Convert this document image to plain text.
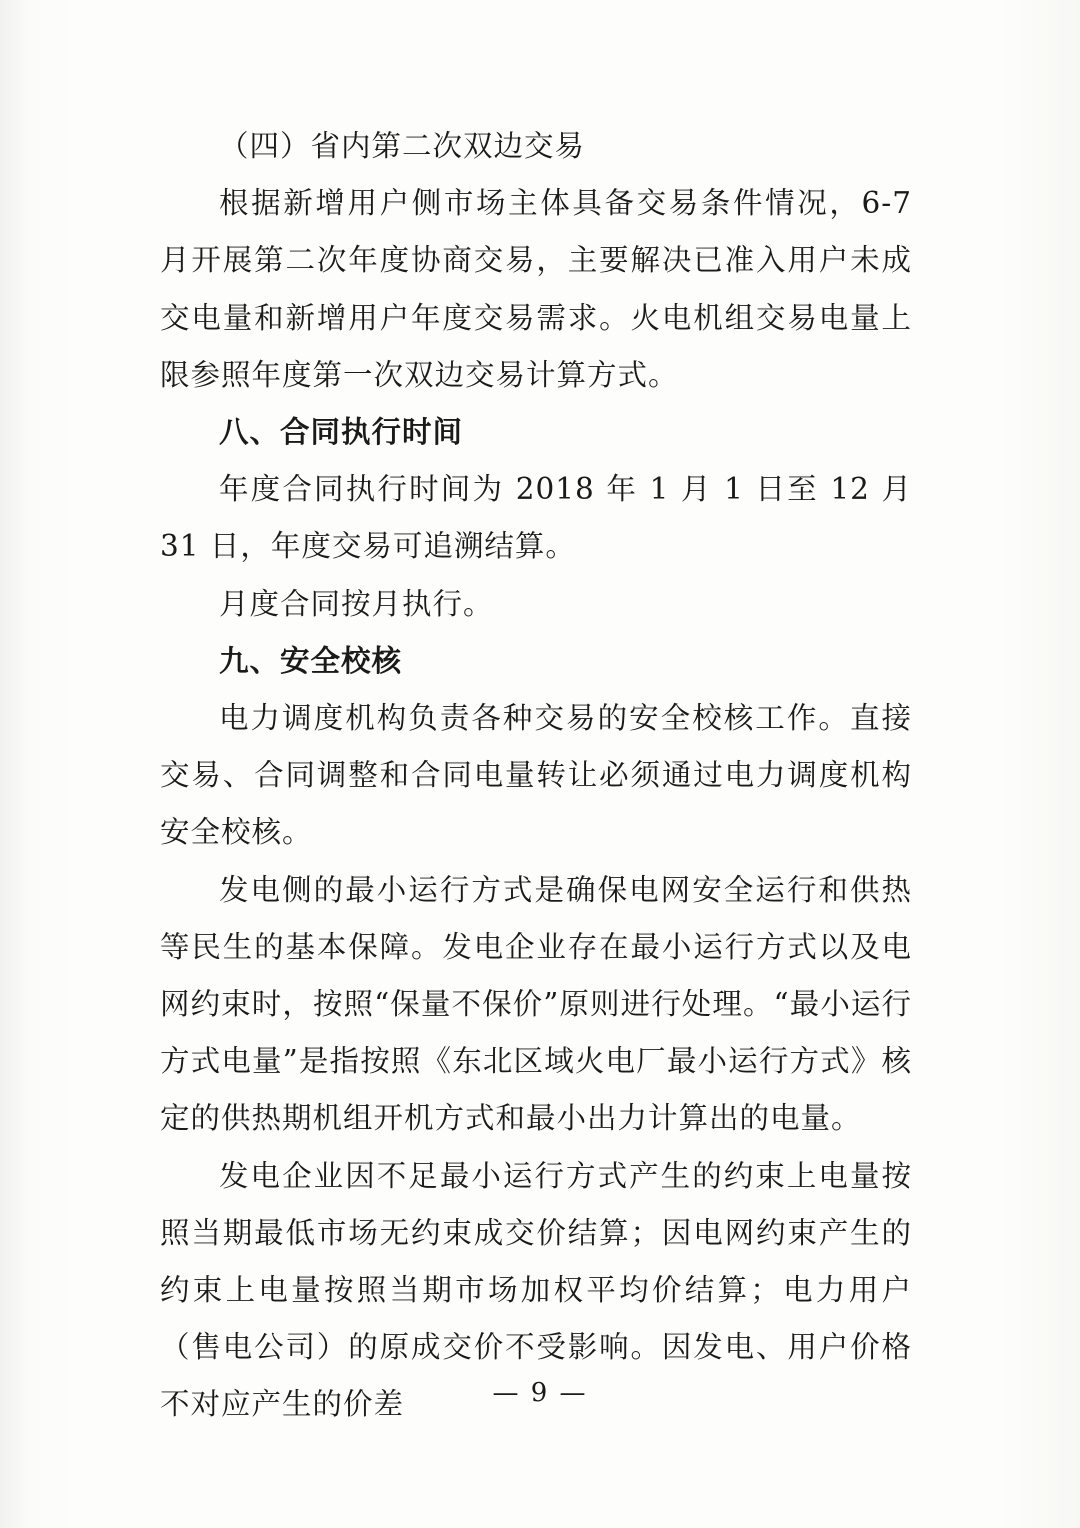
（四）省内第二次双边交易

根据新增用户侧市场主体具备交易条件情况，6-7 月开展第二次年度协商交易，主要解决已准入用户未成交电量和新增用户年度交易需求。火电机组交易电量上限参照年度第一次双边交易计算方式。

八、合同执行时间

年度合同执行时间为 2018 年 1 月 1 日至 12 月 31 日，年度交易可追溯结算。

月度合同按月执行。

九、安全校核

电力调度机构负责各种交易的安全校核工作。直接交易、合同调整和合同电量转让必须通过电力调度机构安全校核。

发电侧的最小运行方式是确保电网安全运行和供热等民生的基本保障。发电企业存在最小运行方式以及电网约束时，按照“保量不保价”原则进行处理。“最小运行方式电量”是指按照《东北区域火电厂最小运行方式》核定的供热期机组开机方式和最小出力计算出的电量。

发电企业因不足最小运行方式产生的约束上电量按照当期最低市场无约束成交价结算；因电网约束产生的约束上电量按照当期市场加权平均价结算；电力用户（售电公司）的原成交价不受影响。因发电、用户价格不对应产生的价差	— 9 —
